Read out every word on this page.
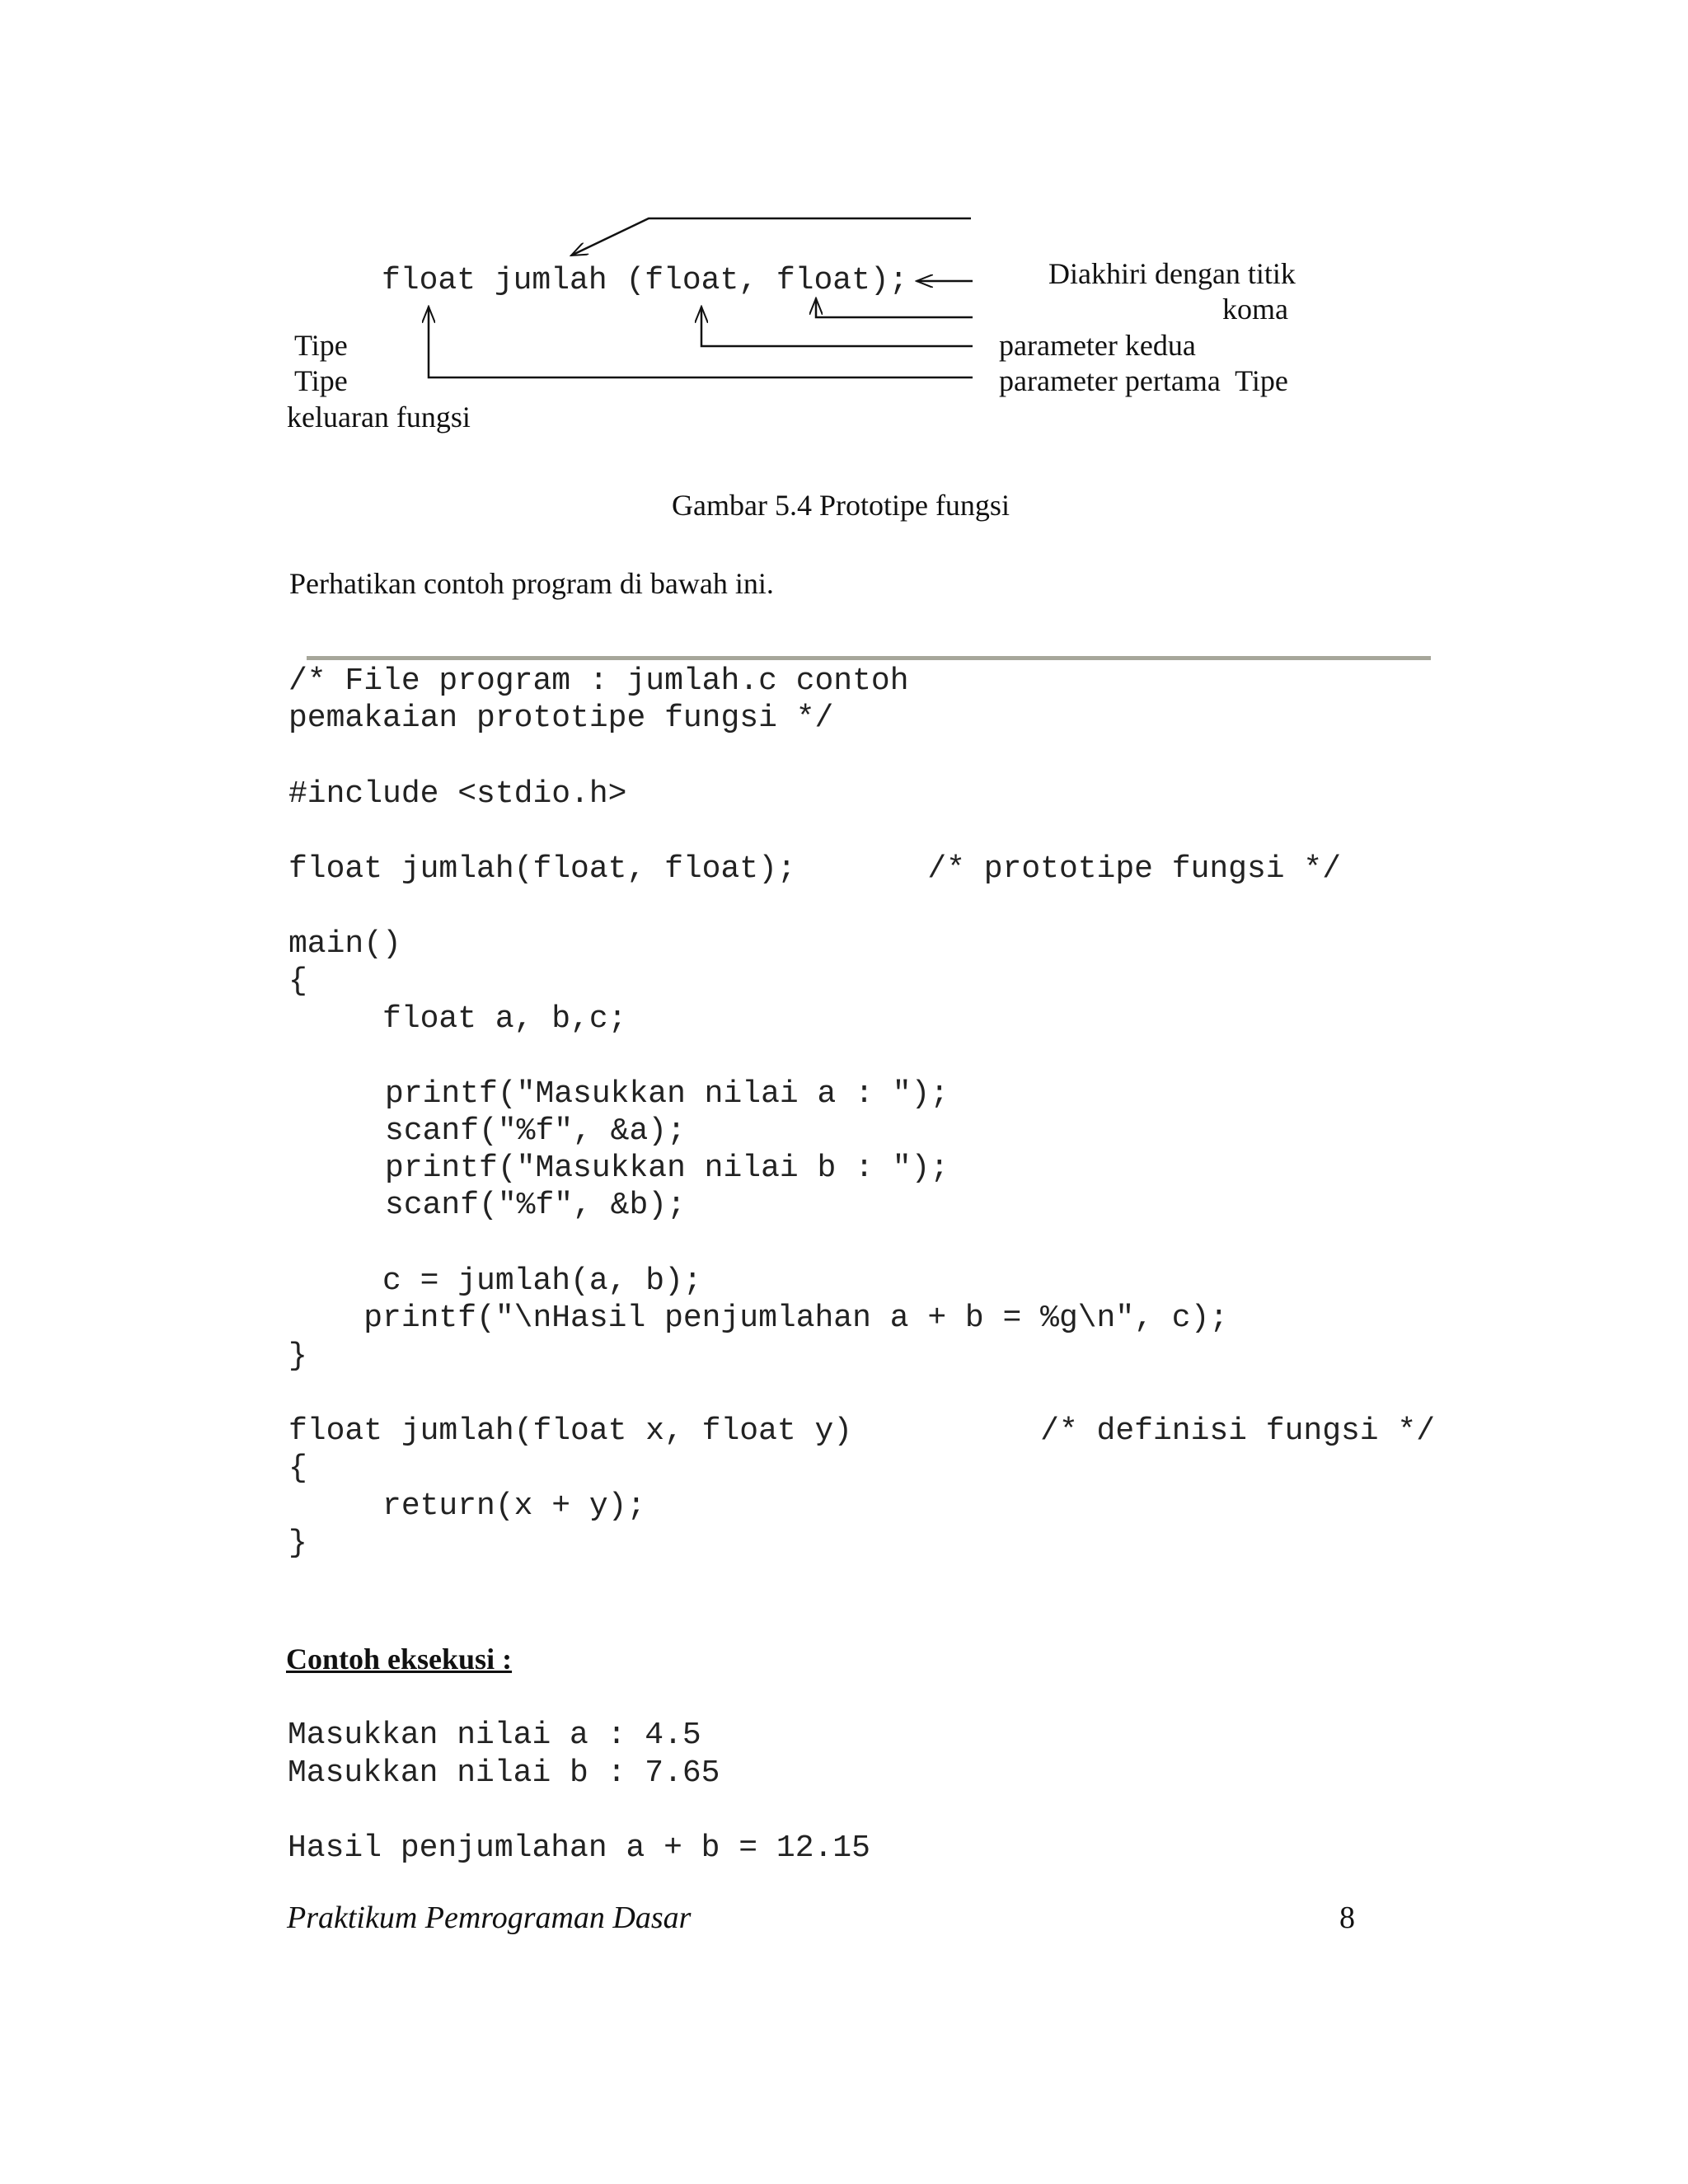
float jumlah (float, float);	Diakhiri dengan titik
koma
Tipe
Tipe
keluaran fungsi
parameter kedua
parameter pertama  Tipe
Gambar 5.4 Prototipe fungsi
Perhatikan contoh program di bawah ini.
/* File program : jumlah.c contoh
pemakaian prototipe fungsi */
#include <stdio.h>
float jumlah(float, float);       /* prototipe fungsi */
main()
{
float a, b,c;
printf("Masukkan nilai a : ");
scanf("%f", &a);
printf("Masukkan nilai b : ");
scanf("%f", &b);
c = jumlah(a, b);
printf("\nHasil penjumlahan a + b = %g\n", c);
}
float jumlah(float x, float y)          /* definisi fungsi */
{
return(x + y);
}
Contoh eksekusi :
Masukkan nilai a : 4.5
Masukkan nilai b : 7.65
Hasil penjumlahan a + b = 12.15
Praktikum Pemrograman Dasar	8
